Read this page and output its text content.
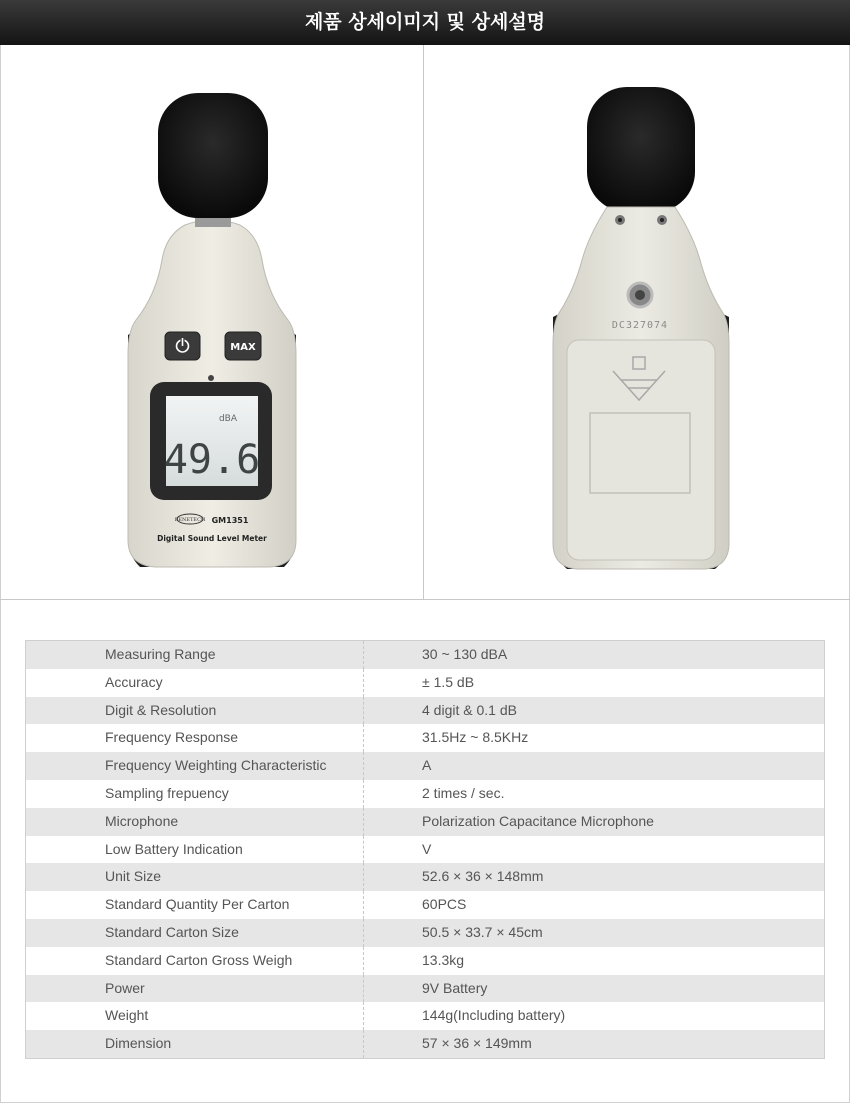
제품 상세이미지 및 상세설명
MAX
dBA
49.6
BENETECH GM1351
Digital Sound Level Meter
DC327074
Measuring Range	30 ~ 130 dBA
Accuracy	± 1.5 dB
Digit & Resolution	4 digit & 0.1 dB
Frequency Response	31.5Hz ~ 8.5KHz
Frequency Weighting Characteristic	A
Sampling frepuency	2 times / sec.
Microphone	Polarization Capacitance Microphone
Low Battery Indication	V
Unit Size	52.6 × 36 × 148mm
Standard Quantity Per Carton	60PCS
Standard Carton Size	50.5 × 33.7 × 45cm
Standard Carton Gross Weigh	13.3kg
Power	9V Battery
Weight	144g(Including battery)
Dimension	57 × 36 × 149mm
